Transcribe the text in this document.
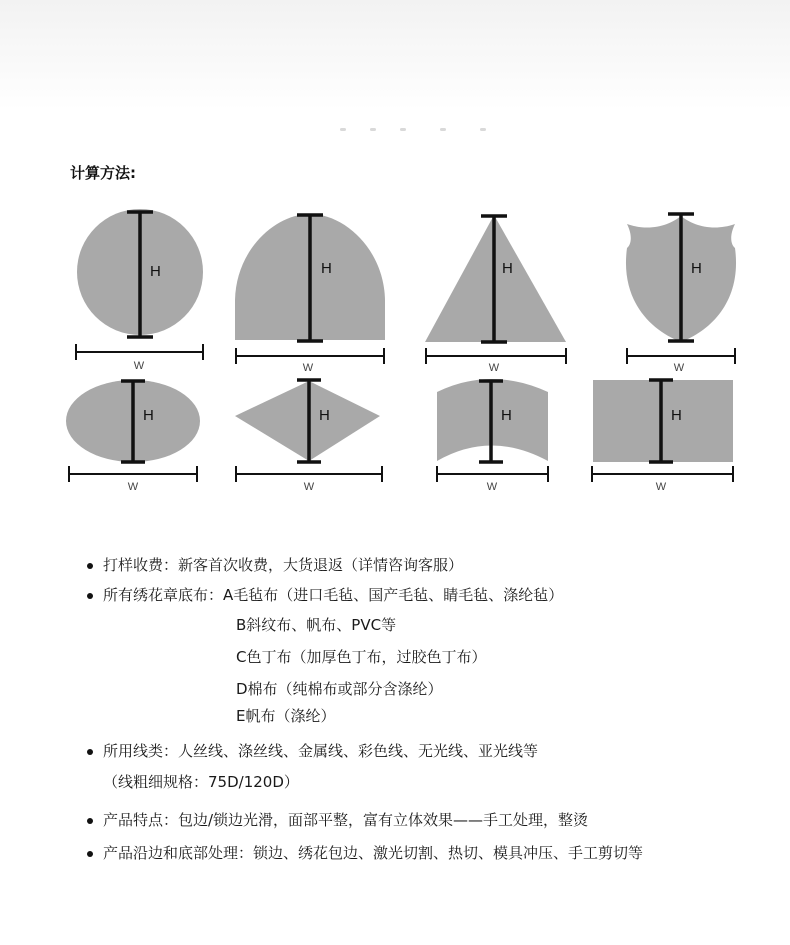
计算方法:
H	H	H	H
H	H	H	H
W	W	W	W
W	W	W	W
打样收费：新客首次收费，大货退返（详情咨询客服）
所有绣花章底布：A毛毡布（进口毛毡、国产毛毡、睛毛毡、涤纶毡）
B斜纹布、帆布、PVC等
C色丁布（加厚色丁布，过胶色丁布）
D棉布（纯棉布或部分含涤纶）
E帆布（涤纶）
所用线类：人丝线、涤丝线、金属线、彩色线、无光线、亚光线等
（线粗细规格：75D/120D）
产品特点：包边/锁边光滑，面部平整，富有立体效果——手工处理，整烫
产品沿边和底部处理：锁边、绣花包边、激光切割、热切、模具冲压、手工剪切等
